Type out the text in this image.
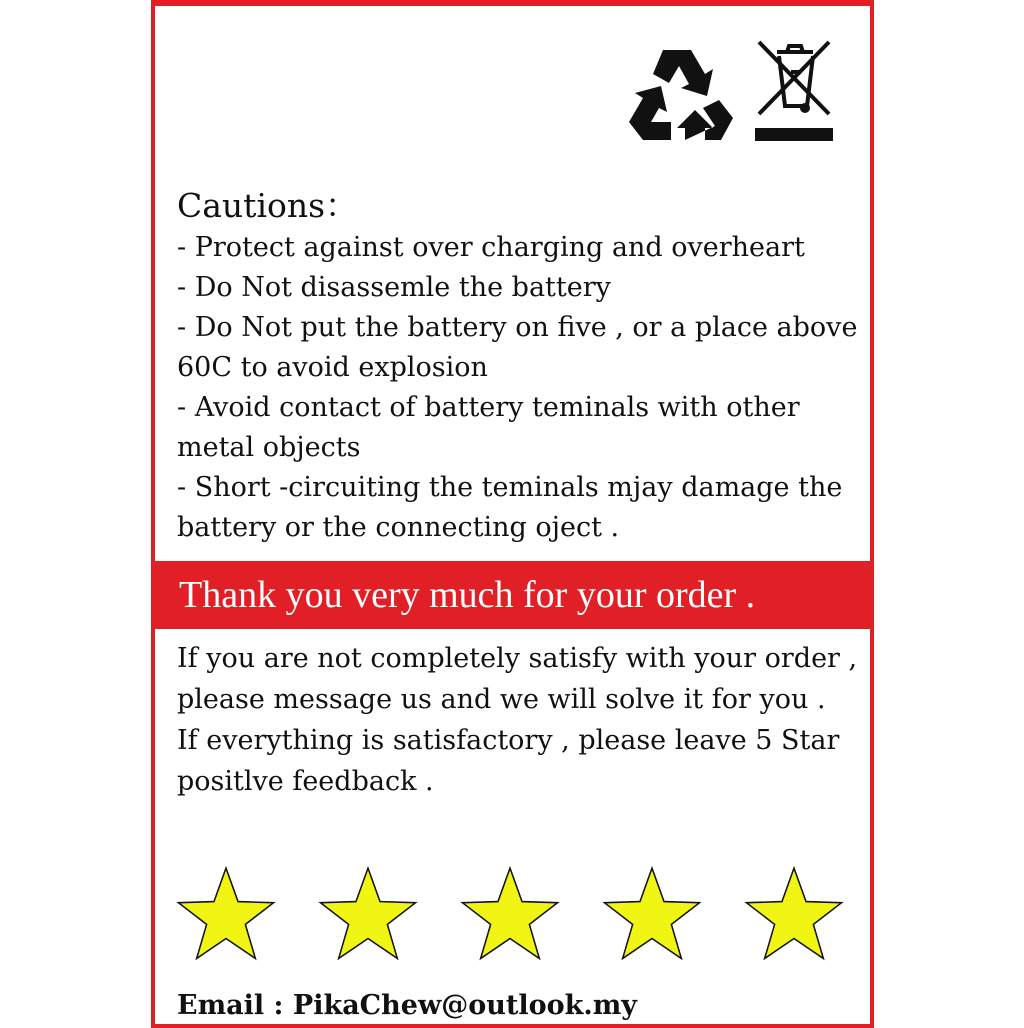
Cautions：

- Protect against over charging and overheart

- Do Not disassemle the battery

- Do Not put the battery on five , or a place above 60C to avoid explosion

- Avoid contact of battery teminals with other metal objects

- Short -circuiting the teminals mjay damage the battery or the connecting oject .

Thank you very much for your order .

If you are not completely satisfy with your order , please message us and we will solve it for you .

If everything is satisfactory , please leave 5 Star positlve feedback .

Email : PikaChew@outlook.my
